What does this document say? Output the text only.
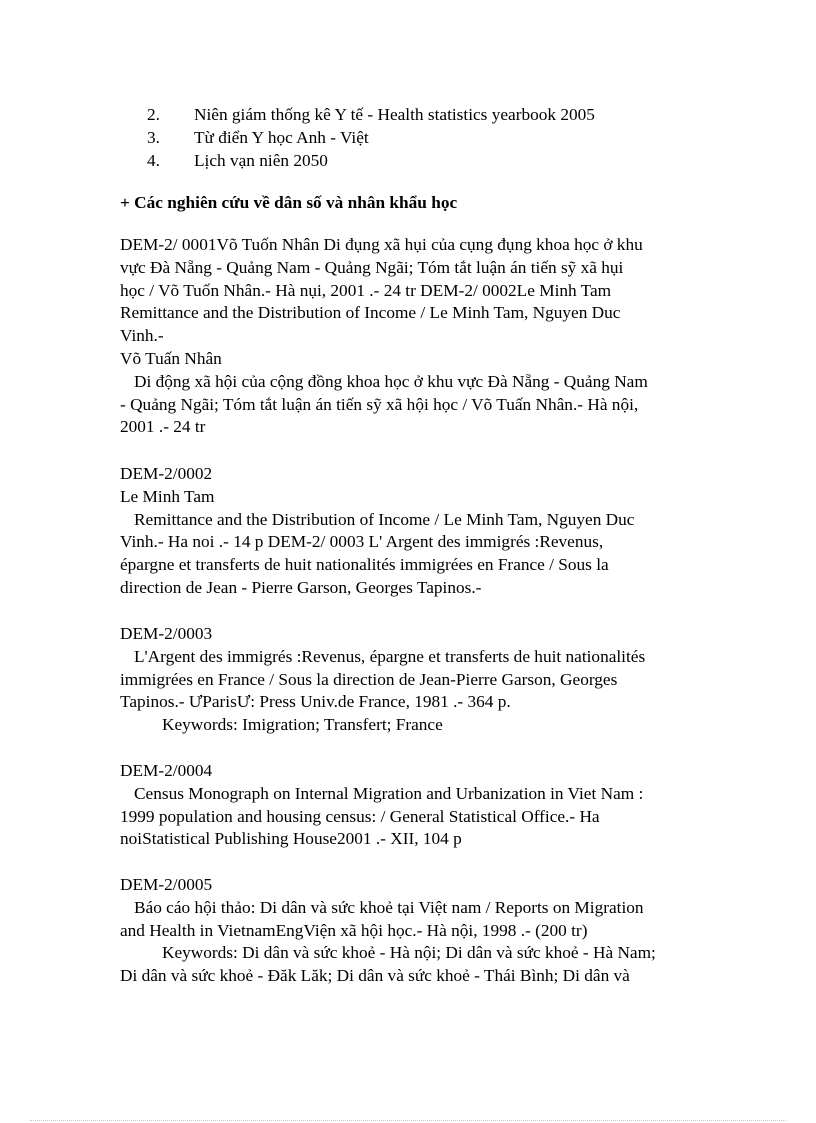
2.	Niên giám thống kê Y tế - Health statistics yearbook 2005
3.	Từ điển Y học Anh - Việt
4.	Lịch vạn niên 2050
+ Các nghiên cứu về dân số và nhân khẩu học
DEM-2/ 0001Võ Tuốn Nhân Di đụng xã hụi của cụng đụng khoa học ở khu
vực Đà Nẵng - Quảng Nam - Quảng Ngãi; Tóm tắt luận án tiến sỹ xã hụi
học / Võ Tuốn Nhân.- Hà nụi, 2001 .- 24 tr DEM-2/ 0002Le Minh Tam
Remittance and the Distribution of Income / Le Minh Tam, Nguyen Duc
Vinh.-
Võ Tuấn Nhân
Di động xã hội của cộng đồng khoa học ở khu vực Đà Nẵng - Quảng Nam
- Quảng Ngãi; Tóm tắt luận án tiến sỹ xã hội học / Võ Tuấn Nhân.- Hà nội,
2001 .- 24 tr
DEM-2/0002
Le Minh Tam
Remittance and the Distribution of Income / Le Minh Tam, Nguyen Duc
Vinh.- Ha noi .- 14 p DEM-2/ 0003 L' Argent des immigrés :Revenus,
épargne et transferts de huit nationalités immigrées en France / Sous la
direction de Jean - Pierre Garson, Georges Tapinos.-
DEM-2/0003
L'Argent des immigrés :Revenus, épargne et transferts de huit nationalités
immigrées en France / Sous la direction de Jean-Pierre Garson, Georges
Tapinos.- ƯParisƯ: Press Univ.de France, 1981 .- 364 p.
Keywords: Imigration; Transfert; France
DEM-2/0004
Census Monograph on Internal Migration and Urbanization in Viet Nam :
1999 population and housing census: / General Statistical Office.- Ha
noiStatistical Publishing House2001 .- XII, 104 p
DEM-2/0005
Báo cáo hội thảo: Di dân và sức khoẻ tại Việt nam / Reports on Migration
and Health in VietnamEngViện xã hội học.- Hà nội, 1998 .- (200 tr)
Keywords: Di dân và sức khoẻ - Hà nội; Di dân và sức khoẻ - Hà Nam;
Di dân và sức khoẻ - Đăk Lăk; Di dân và sức khoẻ - Thái Bình; Di dân và
